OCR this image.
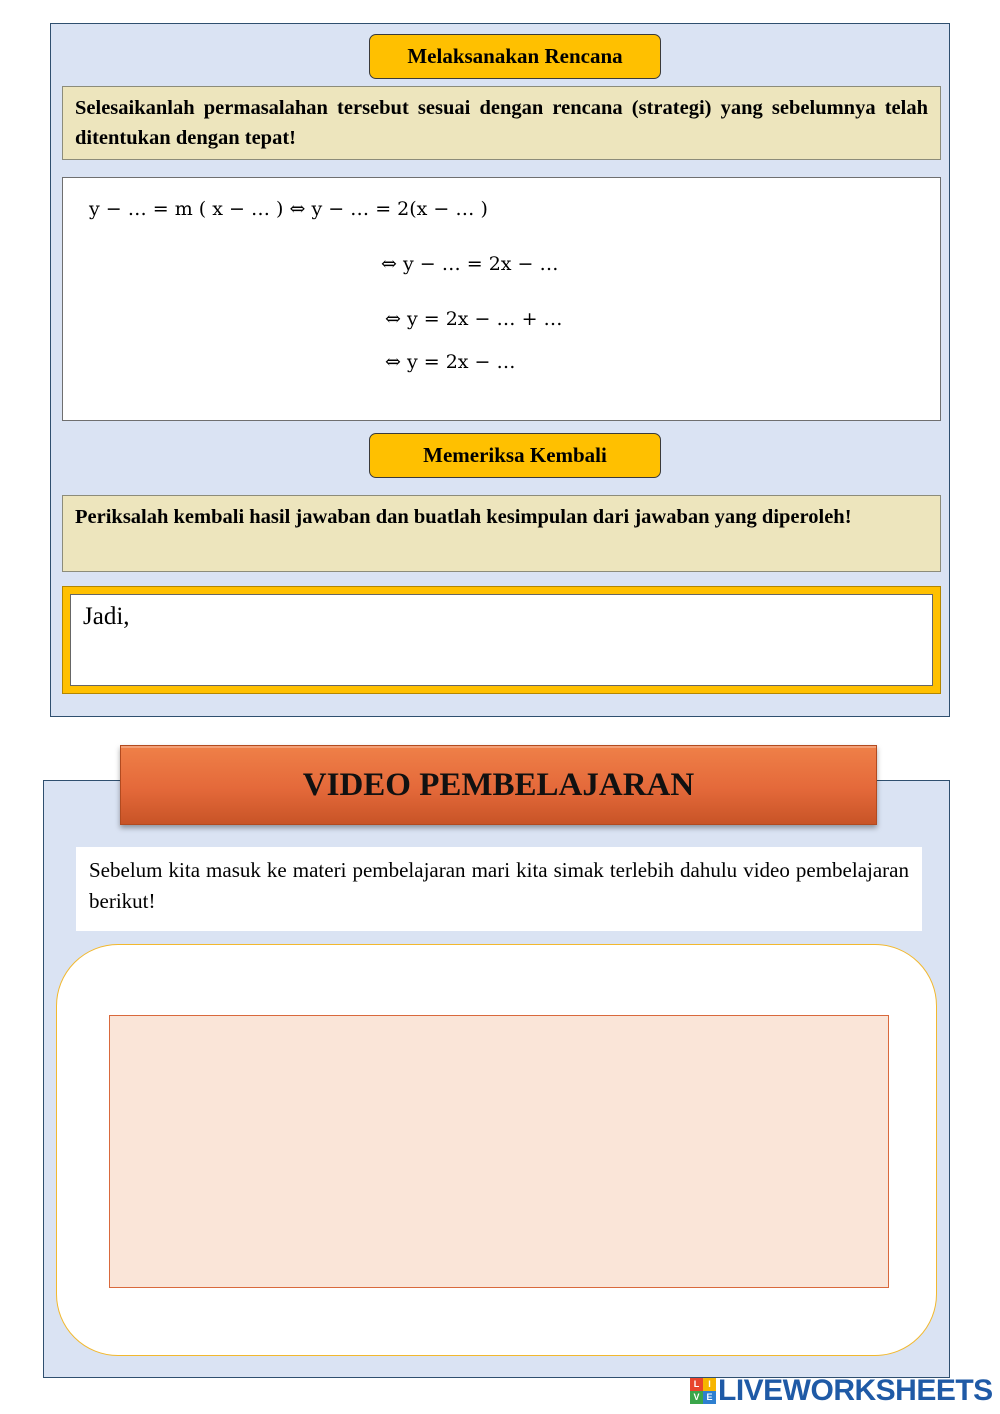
Melaksanakan Rencana
Selesaikanlah permasalahan tersebut sesuai dengan rencana (strategi) yang sebelumnya telah ditentukan dengan tepat!
y − … = m ( x − … ) ⇔ y − … = 2(x − … )
⇔ y − … = 2x − …
⇔ y = 2x − … + …
⇔ y = 2x − …
Memeriksa Kembali
Periksalah kembali hasil jawaban dan buatlah kesimpulan dari jawaban yang diperoleh!
Jadi,
Sebelum kita masuk ke materi pembelajaran mari kita simak terlebih dahulu video pembelajaran berikut!
VIDEO PEMBELAJARAN
L I
V E LIVEWORKSHEETS
